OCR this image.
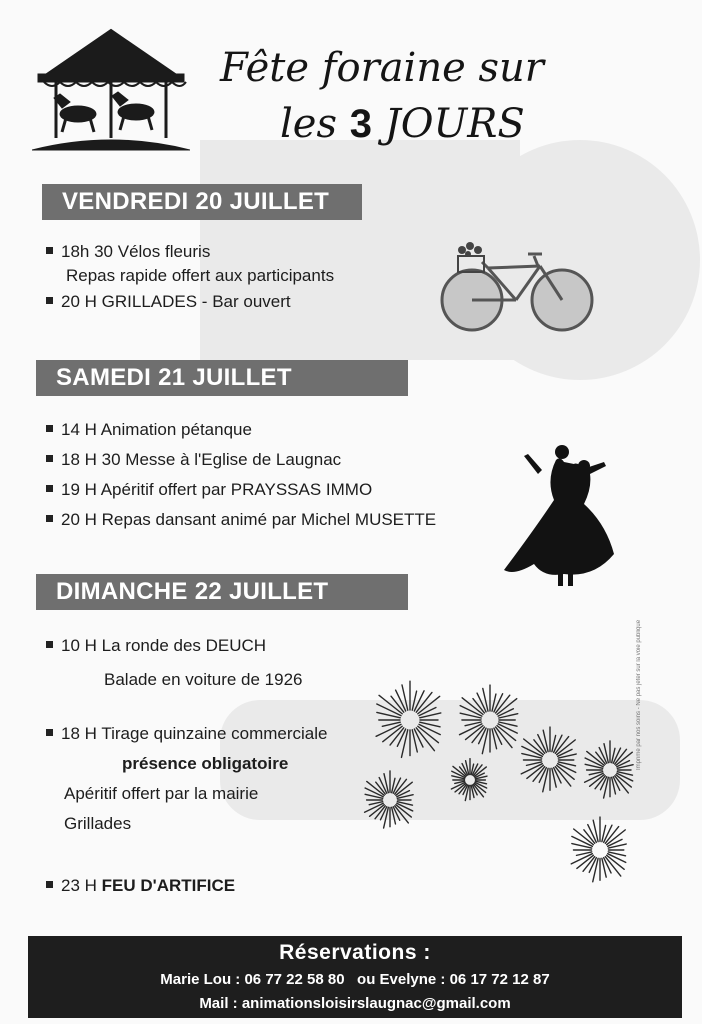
Fête foraine sur
les 3 JOURS
VENDREDI 20 JUILLET
18h 30 Vélos fleuris
Repas rapide offert aux participants
20 H GRILLADES - Bar ouvert
SAMEDI 21 JUILLET
14 H Animation pétanque
18 H 30 Messe à l'Eglise de Laugnac
19 H Apéritif offert par PRAYSSAS IMMO
20 H Repas dansant animé par Michel MUSETTE
DIMANCHE 22 JUILLET
10 H La ronde des DEUCH
Balade en voiture de 1926
18 H Tirage quinzaine commerciale
présence obligatoire
Apéritif offert par la mairie
Grillades
23 H FEU D'ARTIFICE
Imprimé par nos soins - Ne pas jeter sur la voie publique
Réservations :
Marie Lou : 06 77 22 58 80   ou Evelyne : 06 17 72 12 87
Mail : animationsloisirslaugnac@gmail.com
